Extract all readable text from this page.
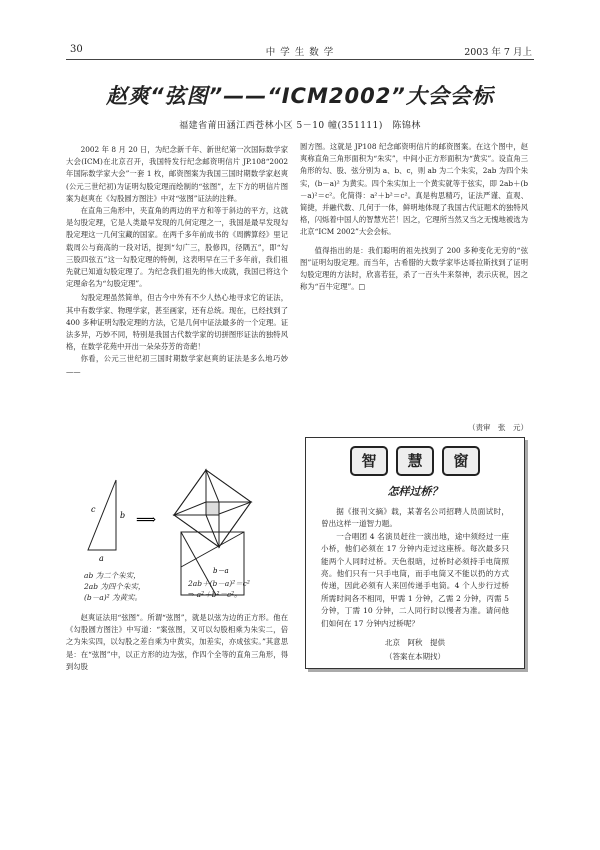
30	中 学 生 数 学	2003 年 7 月上
赵爽“弦图”——“ICM2002”大会会标
福建省莆田涵江西苍林小区 5－10 幢(351111)　陈锦林

2002 年 8 月 20 日，为纪念新千年、新世纪第一次国际数学家大会(ICM)在北京召开，我国特发行纪念邮资明信片 JP.108“2002 年国际数学家大会”一套 1 枚，邮资图案为我国三国时期数学家赵爽(公元三世纪初)为证明勾股定理而绘制的“弦图”，左下方的明信片图案为赵爽在《勾股圆方图注》中对“弦图”证法的注释。

在直角三角形中，夹直角的两边的平方和等于斜边的平方，这就是勾股定理，它是人类最早发现的几何定理之一，我国是最早发现勾股定理这一几何宝藏的国家。在两千多年前成书的《周髀算经》里记载周公与商高的一段对话，提到“勾广三，股修四，径隅五”，即“勾三股四弦五”这一勾股定理的特例，这表明早在三千多年前，我们祖先就已知道勾股定理了。为纪念我们祖先的伟大成就，我国已将这个定理命名为“勾股定理”。

勾股定理虽然简单，但古今中外有不少人热心地寻求它的证法，其中有数学家、物理学家，甚至画家，还有总统。现在，已经找到了 400 多种证明勾股定理的方法，它是几何中证法最多的一个定理。证法多异，巧妙不同，特别是我国古代数学家的切拼图形证法的独特风格，在数学花苑中开出一朵朵芬芳的奇葩！

你看，公元三世纪初三国时期数学家赵爽的证法是多么地巧妙——

c
b
a
⟹
b－a
ab 为二个朱实，
2ab 为四个朱实，
(b－a)² 为黄实。
2ab＋(b－a)²＝c²
⇒ a²＋b²＝c²。

赵爽证法用“弦图”。所谓“弦图”，就是以弦为边的正方形。他在《勾股圆方图注》中写道：“案弦图，又可以勾股相乘为朱实二，倍之为朱实四，以勾股之差自乘为中黄实，加差实，亦成弦实。”其意思是：在“弦图”中，以正方形的边为弦，作四个全等的直角三角形，得到勾股

圆方图。这就是 JP108 纪念邮资明信片的邮资图案。在这个图中，赵爽称直角三角形面积为“朱实”，中间小正方形面积为“黄实”。设直角三角形的勾、股、弦分别为 a、b、c，则 ab 为二个朱实，2ab 为四个朱实，(b－a)² 为黄实。四个朱实加上一个黄实就等于弦实，即 2ab＋(b－a)²＝c²。化简得：a²＋b²＝c²。真是构思精巧，证法严谨、直观、简捷，并融代数、几何于一体，鲜明地体现了我国古代证题术的独特风格，闪烁着中国人的智慧光芒！因之，它理所当然又当之无愧地被选为北京“ICM 2002”大会会标。

值得指出的是：我们聪明的祖先找到了 200 多种变化无穷的“弦图”证明勾股定理。而当年，古希腊的大数学家毕达哥拉斯找到了证明勾股定理的方法时，欣喜若狂，杀了一百头牛来祭神，表示庆祝，因之称为“百牛定理”。□

（责审　张　元）
智	慧	窗
怎样过桥？

据《报刊文摘》载，某著名公司招聘人员面试时，曾出这样一道智力题。

一合唱团 4 名演员赶往一演出地，途中须经过一座小桥，他们必须在 17 分钟内走过这座桥。每次最多只能两个人同时过桥。天色很暗，过桥时必须持手电筒照亮。他们只有一只手电筒，而手电筒又不能以扔的方式传递，因此必须有人来回传递手电筒。4 个人步行过桥所需时间各不相同，甲需 1 分钟，乙需 2 分钟，丙需 5 分钟，丁需 10 分钟，二人同行时以慢者为准。请问他们如何在 17 分钟内过桥呢？

北京　阿秋　提供
（答案在本期找）
